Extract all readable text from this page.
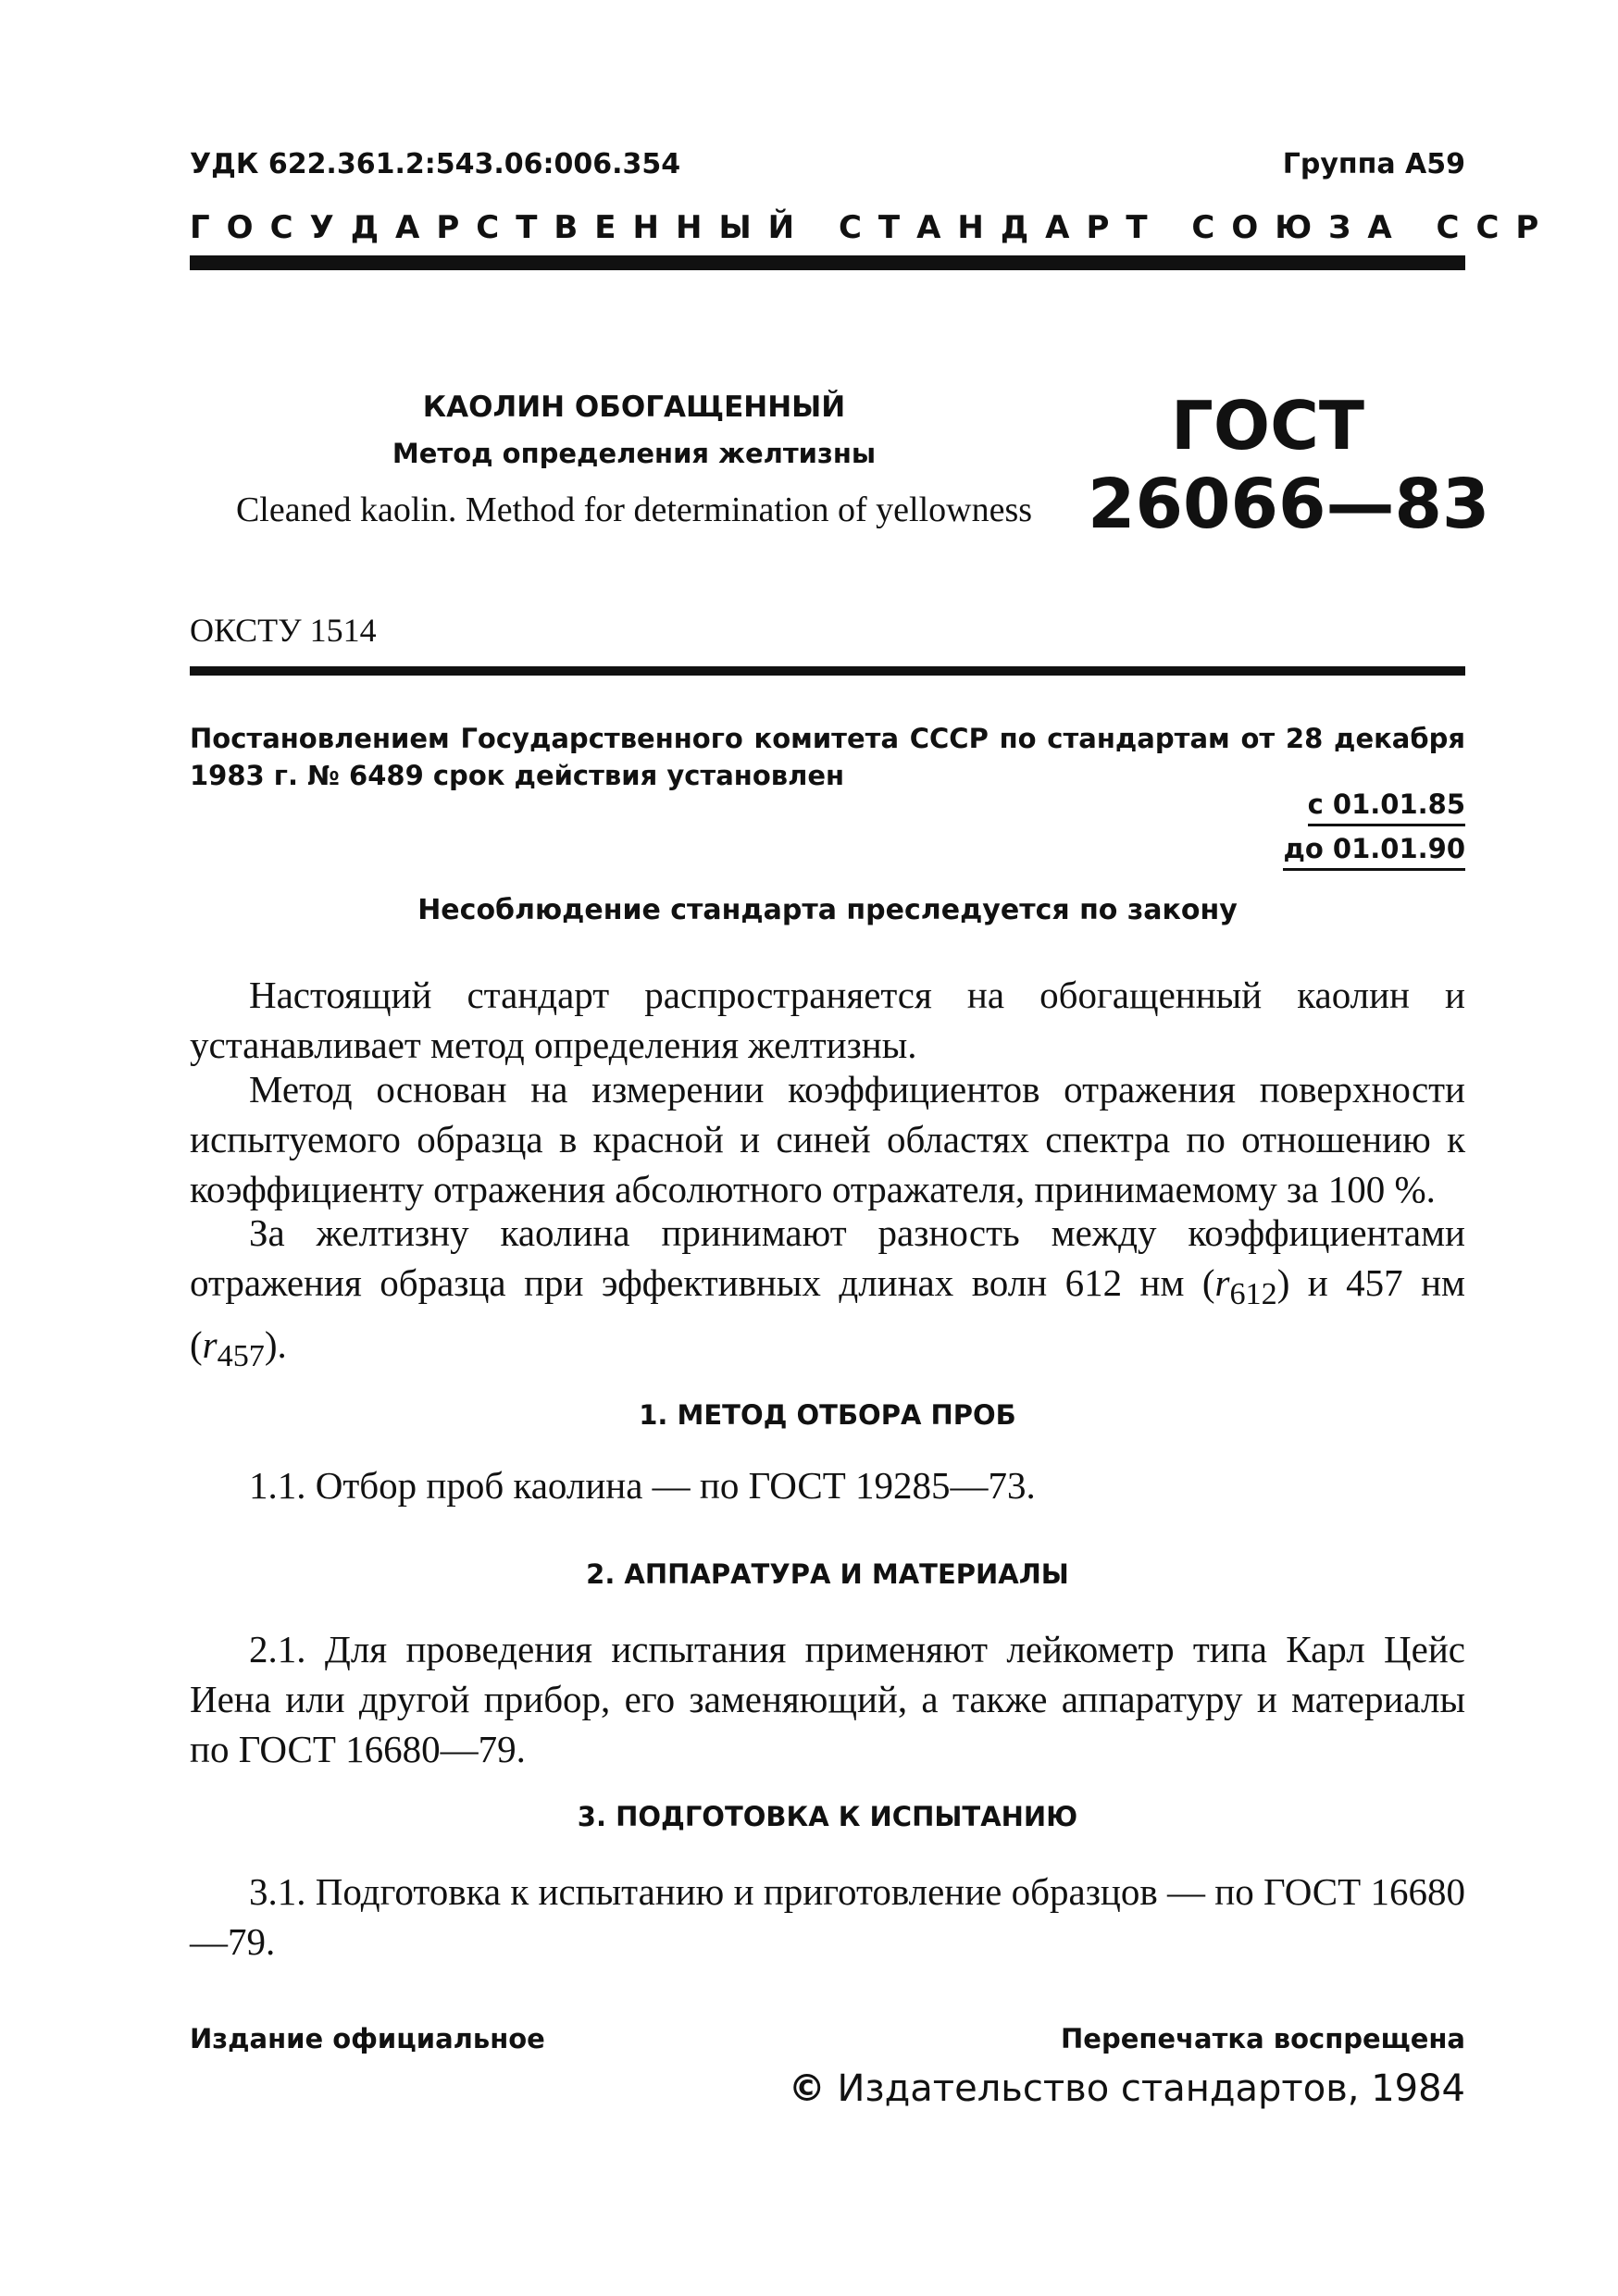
УДК 622.361.2:543.06:006.354	Группа А59
ГОСУДАРСТВЕННЫЙ СТАНДАРТ СОЮЗА ССР
КАОЛИН ОБОГАЩЕННЫЙ
Метод определения желтизны
Cleaned kaolin. Method for determination of yellowness
ГОСТ
26066—83
ОКСТУ 1514
Постановлением Государственного комитета СССР по стандартам от 28 декабря 1983 г. № 6489 срок действия установлен
с 01.01.85
до 01.01.90
Несоблюдение стандарта преследуется по закону

Настоящий стандарт распространяется на обогащенный каолин и устанавливает метод определения желтизны.

Метод основан на измерении коэффициентов отражения поверхности испытуемого образца в красной и синей областях спектра по отношению к коэффициенту отражения абсолютного отражателя, принимаемому за 100 %.

За желтизну каолина принимают разность между коэффициентами отражения образца при эффективных длинах волн 612 нм $(r_{612})$ и 457 нм $(r_{457})$.

1. МЕТОД ОТБОРА ПРОБ

1.1. Отбор проб каолина — по ГОСТ 19285—73.

2. АППАРАТУРА И МАТЕРИАЛЫ

2.1. Для проведения испытания применяют лейкометр типа Карл Цейс Иена или другой прибор, его заменяющий, а также аппаратуру и материалы по ГОСТ 16680—79.

3. ПОДГОТОВКА К ИСПЫТАНИЮ

3.1. Подготовка к испытанию и приготовление образцов — по ГОСТ 16680—79.

Издание официальное	Перепечатка воспрещена
© Издательство стандартов, 1984
